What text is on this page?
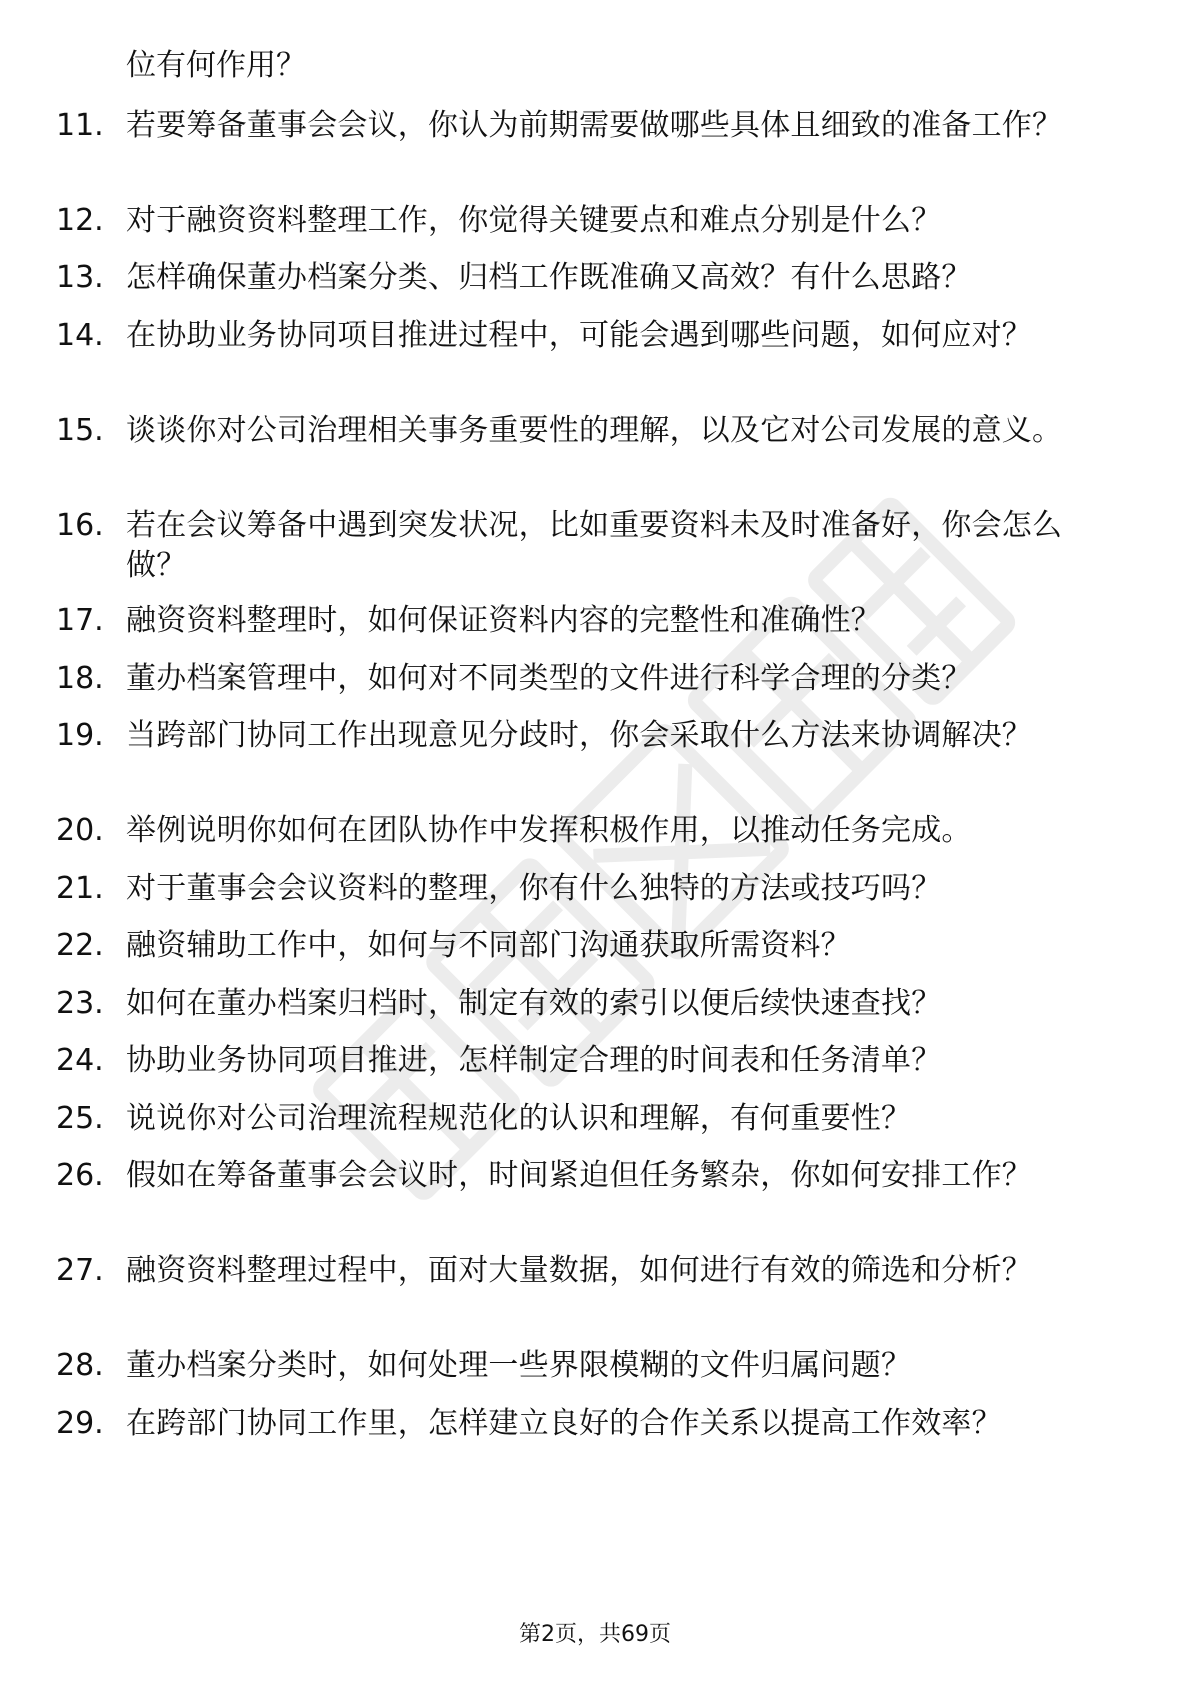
位有何作用？
11. 若要筹备董事会会议，你认为前期需要做哪些具体且细致的准备工作？
12. 对于融资资料整理工作，你觉得关键要点和难点分别是什么？
13. 怎样确保董办档案分类、归档工作既准确又高效？有什么思路？
14. 在协助业务协同项目推进过程中，可能会遇到哪些问题，如何应对？
15. 谈谈你对公司治理相关事务重要性的理解，以及它对公司发展的意义。
16. 若在会议筹备中遇到突发状况，比如重要资料未及时准备好，你会怎么做？
17. 融资资料整理时，如何保证资料内容的完整性和准确性？
18. 董办档案管理中，如何对不同类型的文件进行科学合理的分类？
19. 当跨部门协同工作出现意见分歧时，你会采取什么方法来协调解决？
20. 举例说明你如何在团队协作中发挥积极作用，以推动任务完成。
21. 对于董事会会议资料的整理，你有什么独特的方法或技巧吗？
22. 融资辅助工作中，如何与不同部门沟通获取所需资料？
23. 如何在董办档案归档时，制定有效的索引以便后续快速查找？
24. 协助业务协同项目推进，怎样制定合理的时间表和任务清单？
25. 说说你对公司治理流程规范化的认识和理解，有何重要性？
26. 假如在筹备董事会会议时，时间紧迫但任务繁杂，你如何安排工作？
27. 融资资料整理过程中，面对大量数据，如何进行有效的筛选和分析？
28. 董办档案分类时，如何处理一些界限模糊的文件归属问题？
29. 在跨部门协同工作里，怎样建立良好的合作关系以提高工作效率？
第2页，共69页
